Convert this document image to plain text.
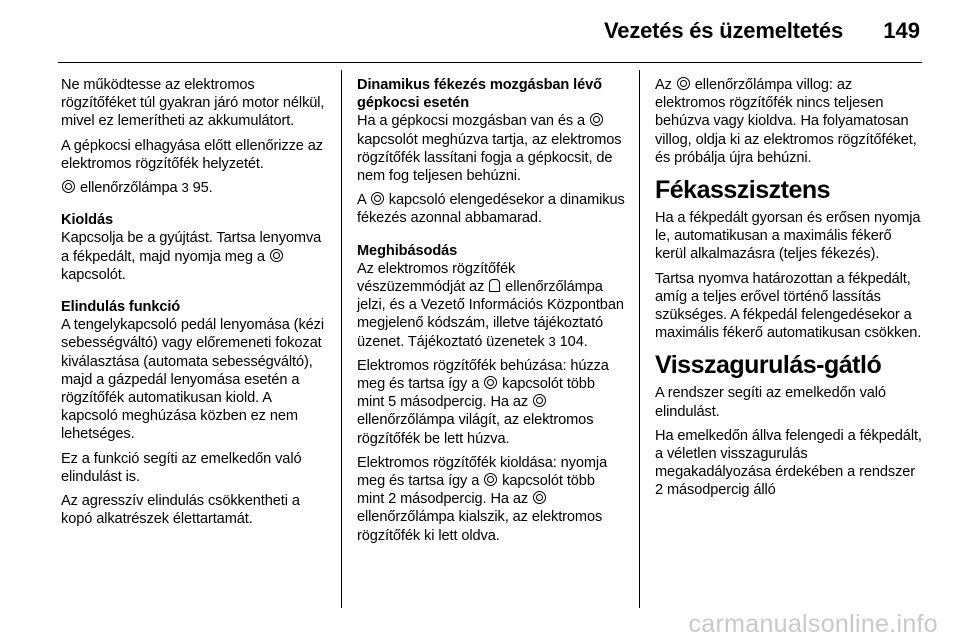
Vezetés és üzemeltetés 149

Ne működtesse az elektromos rögzítőféket túl gyakran járó motor nélkül, mivel ez lemerítheti az akkumulátort.

A gépkocsi elhagyása előtt ellenőrizze az elektromos rögzítőfék helyzetét.

ellenőrzőlámpa 3 95.

Kioldás

Kapcsolja be a gyújtást. Tartsa lenyomva a fékpedált, majd nyomja meg a  kapcsolót.

Elindulás funkció

A tengelykapcsoló pedál lenyomása (kézi sebességváltó) vagy előremeneti fokozat kiválasztása (automata sebességváltó), majd a gázpedál lenyomása esetén a rögzítőfék automatikusan kiold. A kapcsoló meghúzása közben ez nem lehetséges.

Ez a funkció segíti az emelkedőn való elindulást is.

Az agresszív elindulás csökkentheti a kopó alkatrészek élettartamát.

Dinamikus fékezés mozgásban lévő gépkocsi esetén

Ha a gépkocsi mozgásban van és a  kapcsolót meghúzva tartja, az elektromos rögzítőfék lassítani fogja a gépkocsit, de nem fog teljesen behúzni.

A  kapcsoló elengedésekor a dinamikus fékezés azonnal abbamarad.

Meghibásodás

Az elektromos rögzítőfék vészüzemmódját az  ellenőrzőlámpa jelzi, és a Vezető Információs Központban megjelenő kódszám, illetve tájékoztató üzenet. Tájékoztató üzenetek 3 104.

Elektromos rögzítőfék behúzása: húzza meg és tartsa így a  kapcsolót több mint 5 másodpercig. Ha az  ellenőrzőlámpa világít, az elektromos rögzítőfék be lett húzva.

Elektromos rögzítőfék kioldása: nyomja meg és tartsa így a  kapcsolót több mint 2 másodpercig. Ha az  ellenőrzőlámpa kialszik, az elektromos rögzítőfék ki lett oldva.

Az  ellenőrzőlámpa villog: az elektromos rögzítőfék nincs teljesen behúzva vagy kioldva. Ha folyamatosan villog, oldja ki az elektromos rögzítőféket, és próbálja újra behúzni.

Fékasszisztens

Ha a fékpedált gyorsan és erősen nyomja le, automatikusan a maximális fékerő kerül alkalmazásra (teljes fékezés).

Tartsa nyomva határozottan a fékpedált, amíg a teljes erővel történő lassítás szükséges. A fékpedál felengedésekor a maximális fékerő automatikusan csökken.

Visszagurulás-gátló

A rendszer segíti az emelkedőn való elindulást.

Ha emelkedőn állva felengedi a fékpedált, a véletlen visszagurulás megakadályozása érdekében a rendszer 2 másodpercig álló

carmanualsonline.info
